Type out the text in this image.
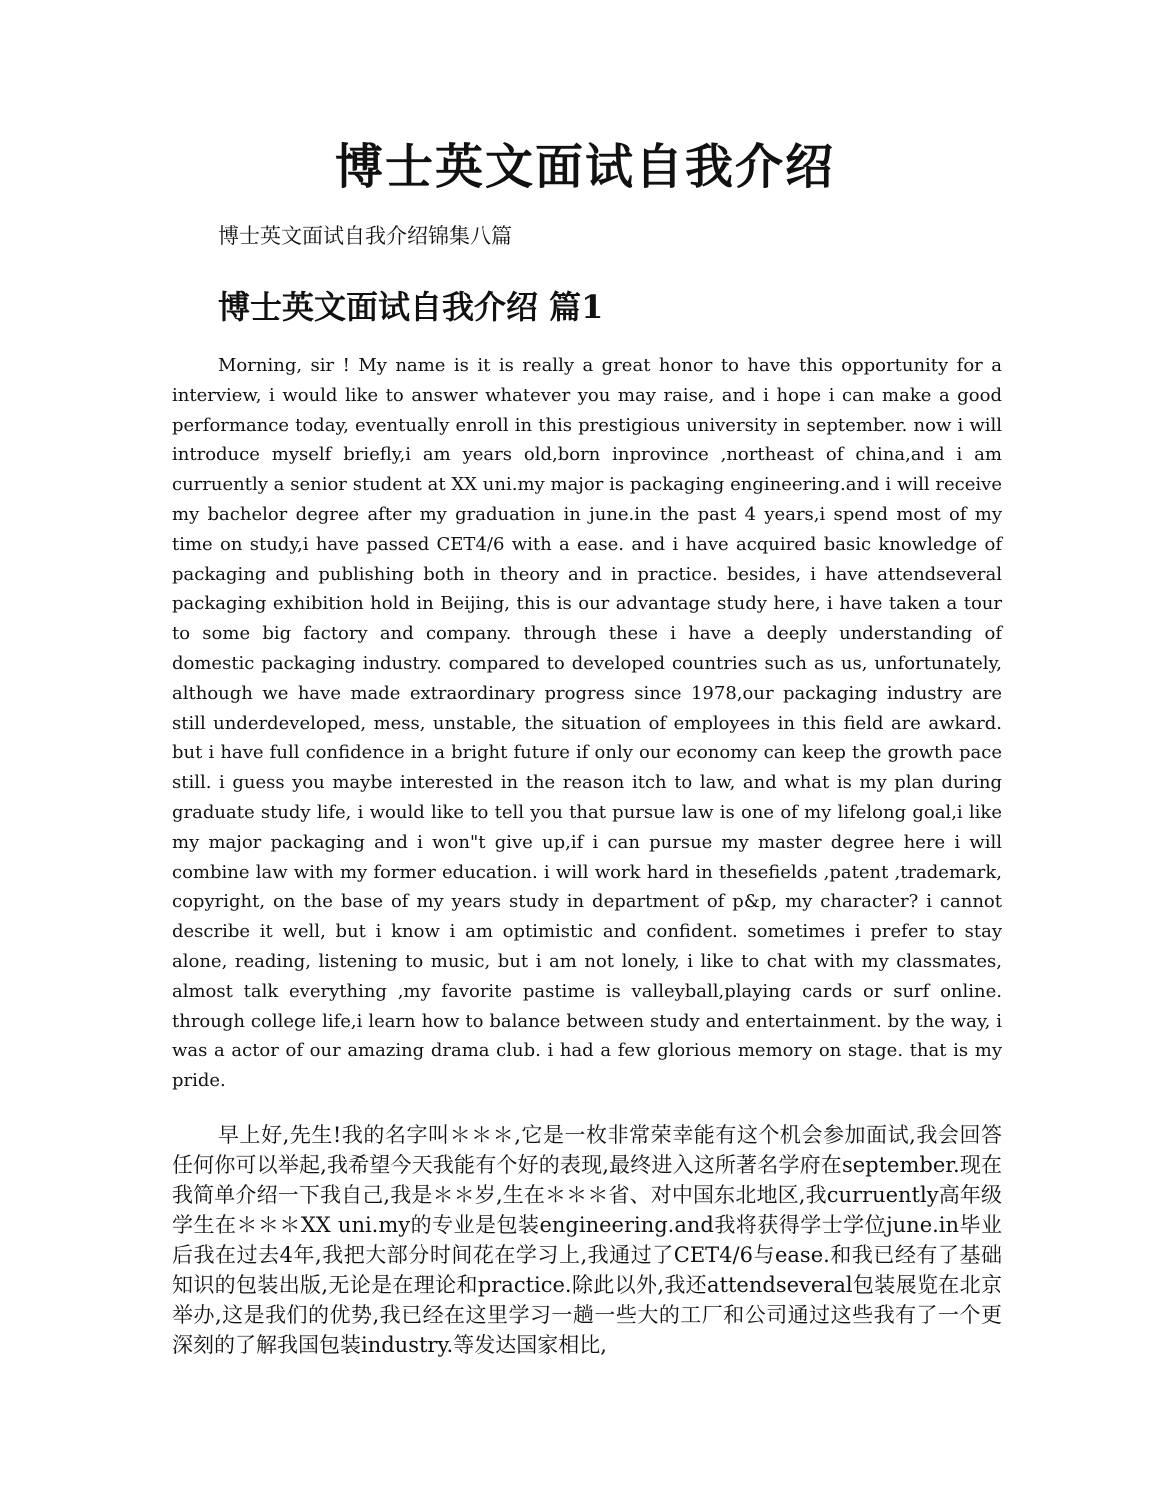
博士英文面试自我介绍

博士英文面试自我介绍锦集八篇

博士英文面试自我介绍 篇1

Morning, sir ! My name is it is really a great honor to have this opportunity for a interview, i would like to answer whatever you may raise, and i hope i can make a good performance today, eventually enroll in this prestigious university in september. now i will introduce myself briefly,i am years old,born inprovince ,northeast of china,and i am curruently a senior student at XX uni.my major is packaging engineering.and i will receive my bachelor degree after my graduation in june.in the past 4 years,i spend most of my time on study,i have passed CET4/6 with a ease. and i have acquired basic knowledge of packaging and publishing both in theory and in practice. besides, i have attendseveral packaging exhibition hold in Beijing, this is our advantage study here, i have taken a tour to some big factory and company. through these i have a deeply understanding of domestic packaging industry. compared to developed countries such as us, unfortunately, although we have made extraordinary progress since 1978,our packaging industry are still underdeveloped, mess, unstable, the situation of employees in this field are awkard. but i have full confidence in a bright future if only our economy can keep the growth pace still. i guess you maybe interested in the reason itch to law, and what is my plan during graduate study life, i would like to tell you that pursue law is one of my lifelong goal,i like my major packaging and i won"t give up,if i can pursue my master degree here i will combine law with my former education. i will work hard in thesefields ,patent ,trademark, copyright, on the base of my years study in department of p&p, my character? i cannot describe it well, but i know i am optimistic and confident. sometimes i prefer to stay alone, reading, listening to music, but i am not lonely, i like to chat with my classmates, almost talk everything ,my favorite pastime is valleyball,playing cards or surf online. through college life,i learn how to balance between study and entertainment. by the way, i was a actor of our amazing drama club. i had a few glorious memory on stage. that is my pride.

早上好,先生!我的名字叫＊＊＊,它是一枚非常荣幸能有这个机会参加面试,我会回答任何你可以举起,我希望今天我能有个好的表现,最终进入这所著名学府在september.现在我简单介绍一下我自己,我是＊＊岁,生在＊＊＊省、对中国东北地区,我curruently高年级学生在＊＊＊XX uni.my的专业是包装engineering.and我将获得学士学位june.in毕业后我在过去4年,我把大部分时间花在学习上,我通过了CET4/6与ease.和我已经有了基础知识的包装出版,无论是在理论和practice.除此以外,我还attendseveral包装展览在北京举办,这是我们的优势,我已经在这里学习一趟一些大的工厂和公司通过这些我有了一个更深刻的了解我国包装industry.等发达国家相比,
